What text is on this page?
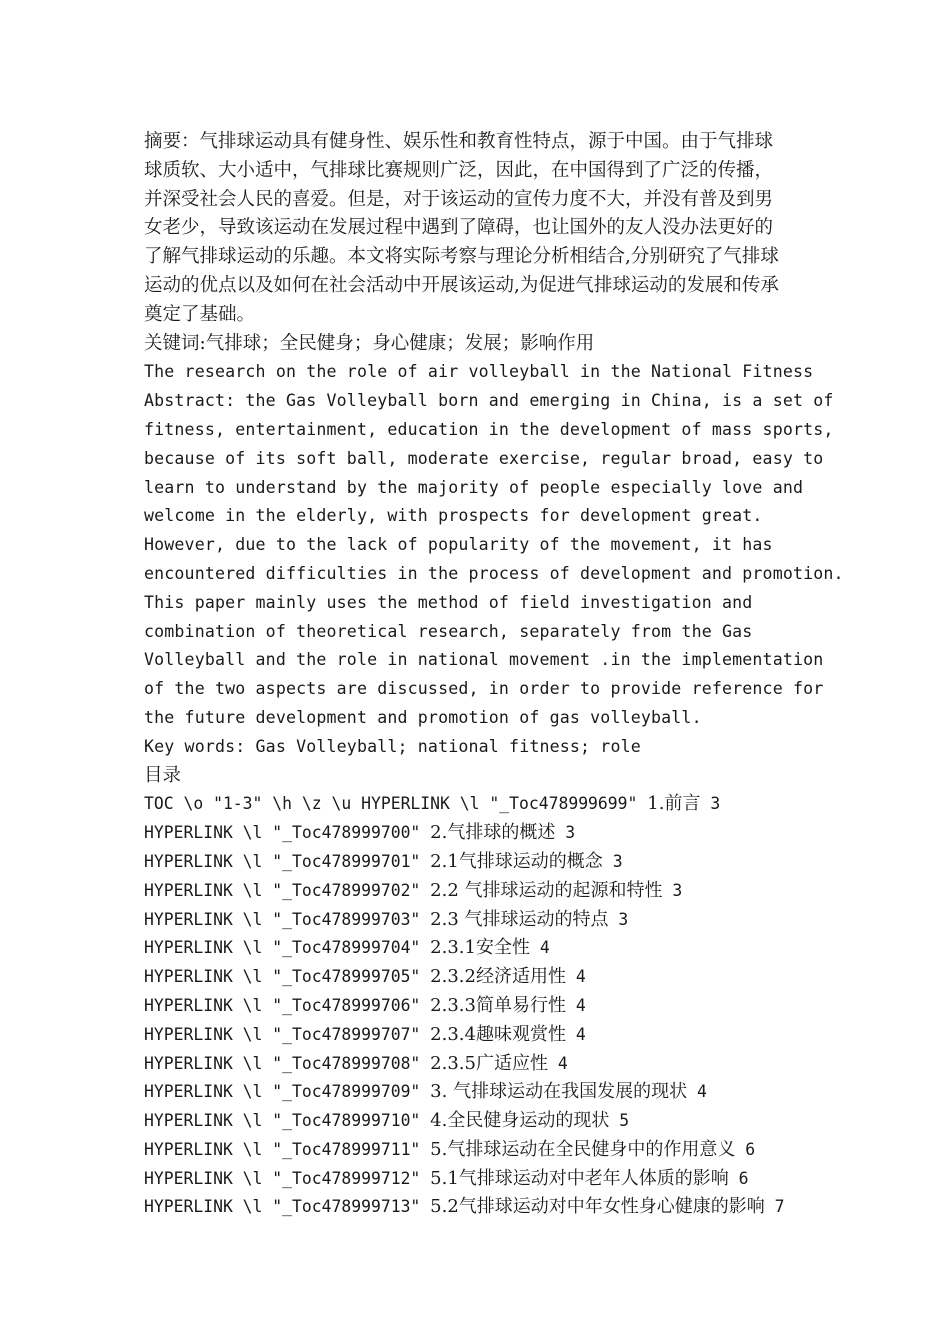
摘要：气排球运动具有健身性、娱乐性和教育性特点，源于中国。由于气排球
球质软、大小适中，气排球比赛规则广泛，因此，在中国得到了广泛的传播，
并深受社会人民的喜爱。但是，对于该运动的宣传力度不大，并没有普及到男
女老少，导致该运动在发展过程中遇到了障碍，也让国外的友人没办法更好的
了解气排球运动的乐趣。本文将实际考察与理论分析相结合,分别研究了气排球
运动的优点以及如何在社会活动中开展该运动,为促进气排球运动的发展和传承
奠定了基础。
关键词:气排球；全民健身；身心健康；发展；影响作用
The research on the role of air volleyball in the National Fitness
Abstract: the Gas Volleyball born and emerging in China, is a set of
fitness, entertainment, education in the development of mass sports,
because of its soft ball, moderate exercise, regular broad, easy to
learn to understand by the majority of people especially love and
welcome in the elderly, with prospects for development great.
However, due to the lack of popularity of the movement, it has
encountered difficulties in the process of development and promotion.
This paper mainly uses the method of field investigation and
combination of theoretical research, separately from the Gas
Volleyball and the role in national movement .in the implementation
of the two aspects are discussed, in order to provide reference for
the future development and promotion of gas volleyball.
Key words: Gas Volleyball; national fitness; role
目录
TOC \o "1-3" \h \z \u HYPERLINK \l "_Toc478999699" 1.前言 3
HYPERLINK \l "_Toc478999700" 2.气排球的概述 3
HYPERLINK \l "_Toc478999701" 2.1气排球运动的概念 3
HYPERLINK \l "_Toc478999702" 2.2 气排球运动的起源和特性 3
HYPERLINK \l "_Toc478999703" 2.3 气排球运动的特点 3
HYPERLINK \l "_Toc478999704" 2.3.1安全性 4
HYPERLINK \l "_Toc478999705" 2.3.2经济适用性 4
HYPERLINK \l "_Toc478999706" 2.3.3简单易行性 4
HYPERLINK \l "_Toc478999707" 2.3.4趣味观赏性 4
HYPERLINK \l "_Toc478999708" 2.3.5广适应性 4
HYPERLINK \l "_Toc478999709" 3. 气排球运动在我国发展的现状 4
HYPERLINK \l "_Toc478999710" 4.全民健身运动的现状 5
HYPERLINK \l "_Toc478999711" 5.气排球运动在全民健身中的作用意义 6
HYPERLINK \l "_Toc478999712" 5.1气排球运动对中老年人体质的影响 6
HYPERLINK \l "_Toc478999713" 5.2气排球运动对中年女性身心健康的影响 7
